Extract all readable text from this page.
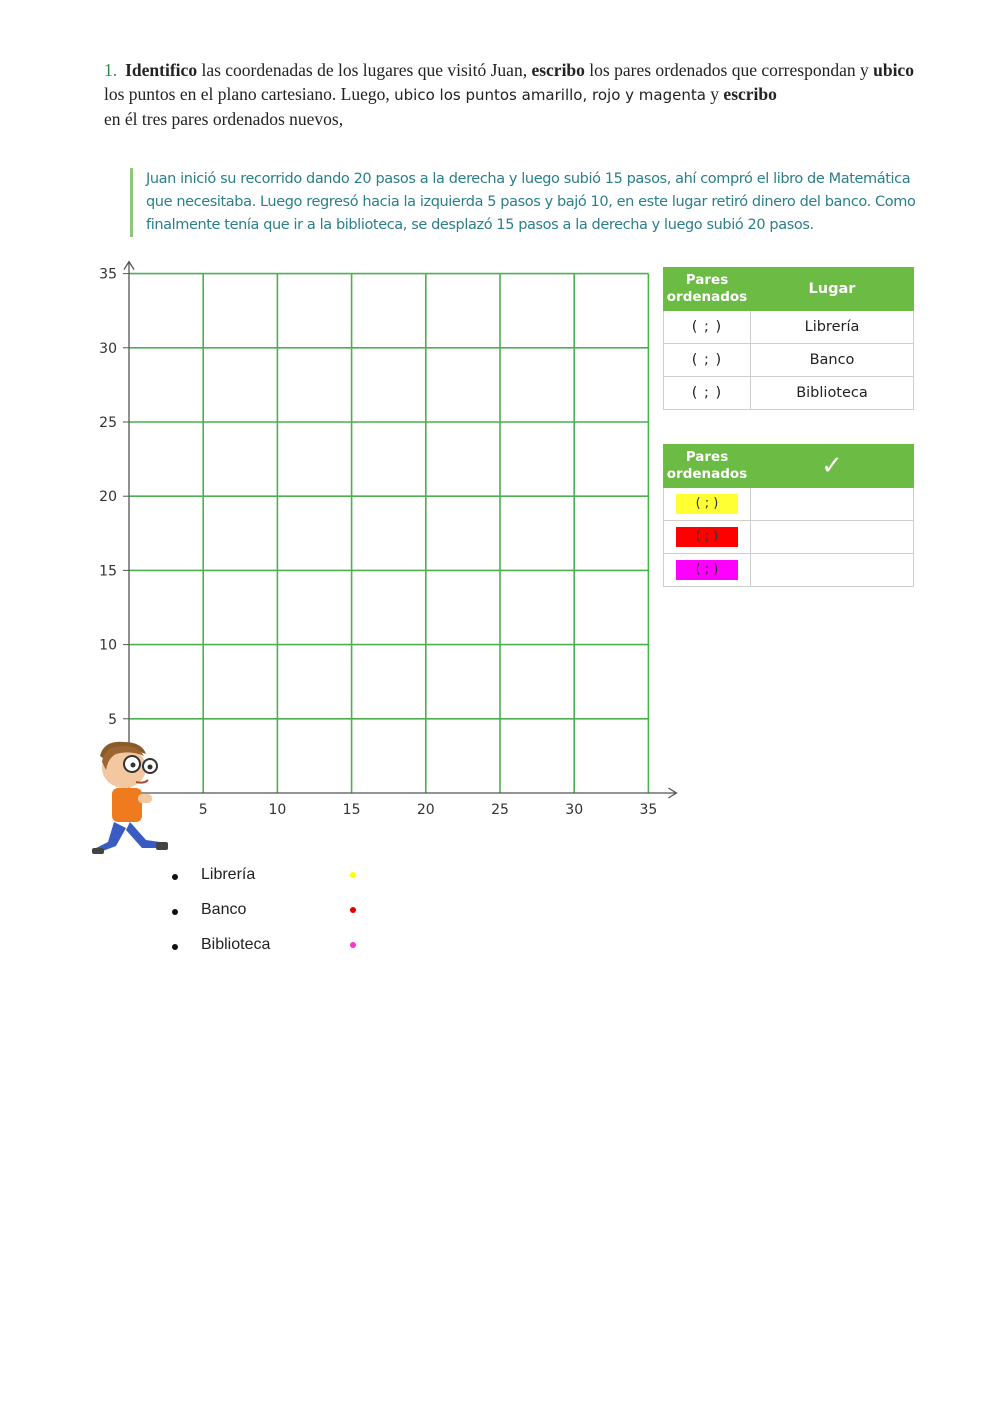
1. Identifico las coordenadas de los lugares que visitó Juan, escribo los pares ordenados que correspondan y ubico los puntos en el plano cartesiano. Luego, ubico los puntos amarillo, rojo y magenta y escribo
en él tres pares ordenados nuevos,
Juan inició su recorrido dando 20 pasos a la derecha y luego subió 15 pasos, ahí compró el libro de Matemática que necesitaba. Luego regresó hacia la izquierda 5 pasos y bajó 10, en este lugar retiró dinero del banco. Como finalmente tenía que ir a la biblioteca, se desplazó 15 pasos a la derecha y luego subió 20 pasos.
5	10	15	20	25	30	35
35
30
25
20
15
10
5
Pares ordenados	Lugar
( ; )	Librería
( ; )	Banco
( ; )	Biblioteca
Pares ordenados	✓
( ; )	
( ; )	
( ; )	
Librería
Banco
Biblioteca
